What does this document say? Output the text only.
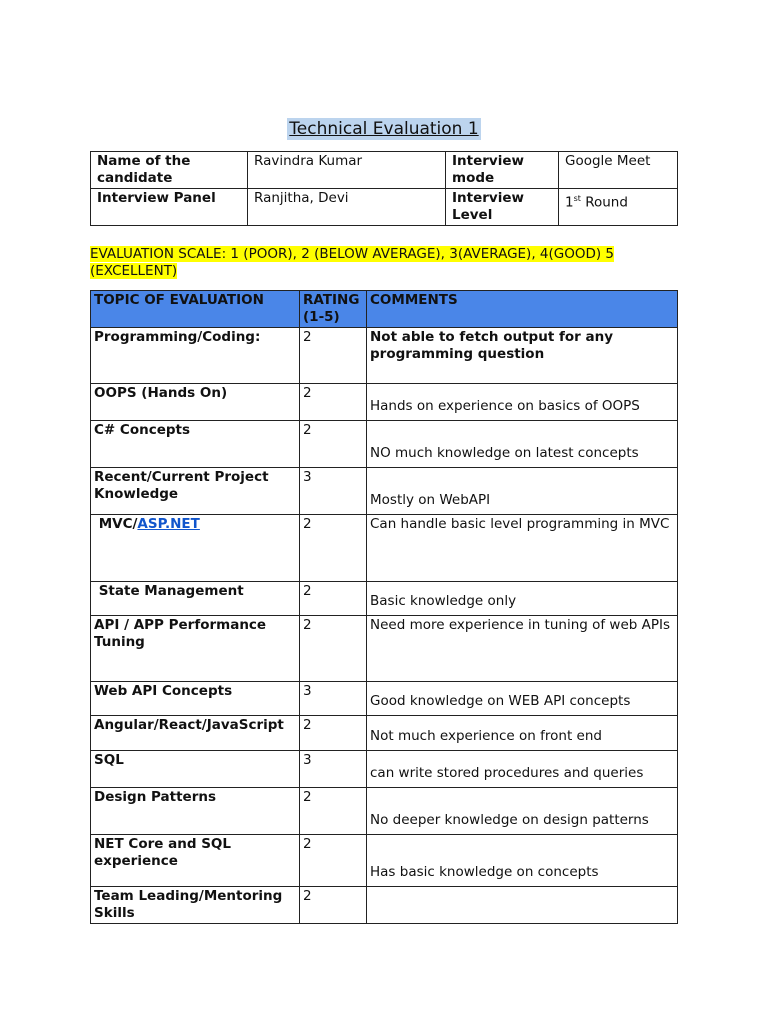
Technical Evaluation 1
Name of the candidate	Ravindra Kumar	Interview mode	Google Meet
Interview Panel	Ranjitha, Devi	Interview Level	1st Round
EVALUATION SCALE: 1 (POOR), 2 (BELOW AVERAGE), 3(AVERAGE), 4(GOOD) 5 (EXCELLENT)
TOPIC OF EVALUATION	RATING (1-5)	COMMENTS
Programming/Coding:	2	Not able to fetch output for any programming question
OOPS (Hands On)	2	Hands on experience on basics of OOPS
C# Concepts	2	NO much knowledge on latest concepts
Recent/Current Project Knowledge	3	Mostly on WebAPI
MVC/ASP.NET	2	Can handle basic level programming in MVC
State Management	2	Basic knowledge only
API / APP Performance Tuning	2	Need more experience in tuning of web APIs
Web API Concepts	3	Good knowledge on WEB API concepts
Angular/React/JavaScript	2	Not much experience on front end
SQL	3	can write stored procedures and queries
Design Patterns	2	No deeper knowledge on design patterns
NET Core and SQL experience	2	Has basic knowledge on concepts
Team Leading/Mentoring Skills	2	
